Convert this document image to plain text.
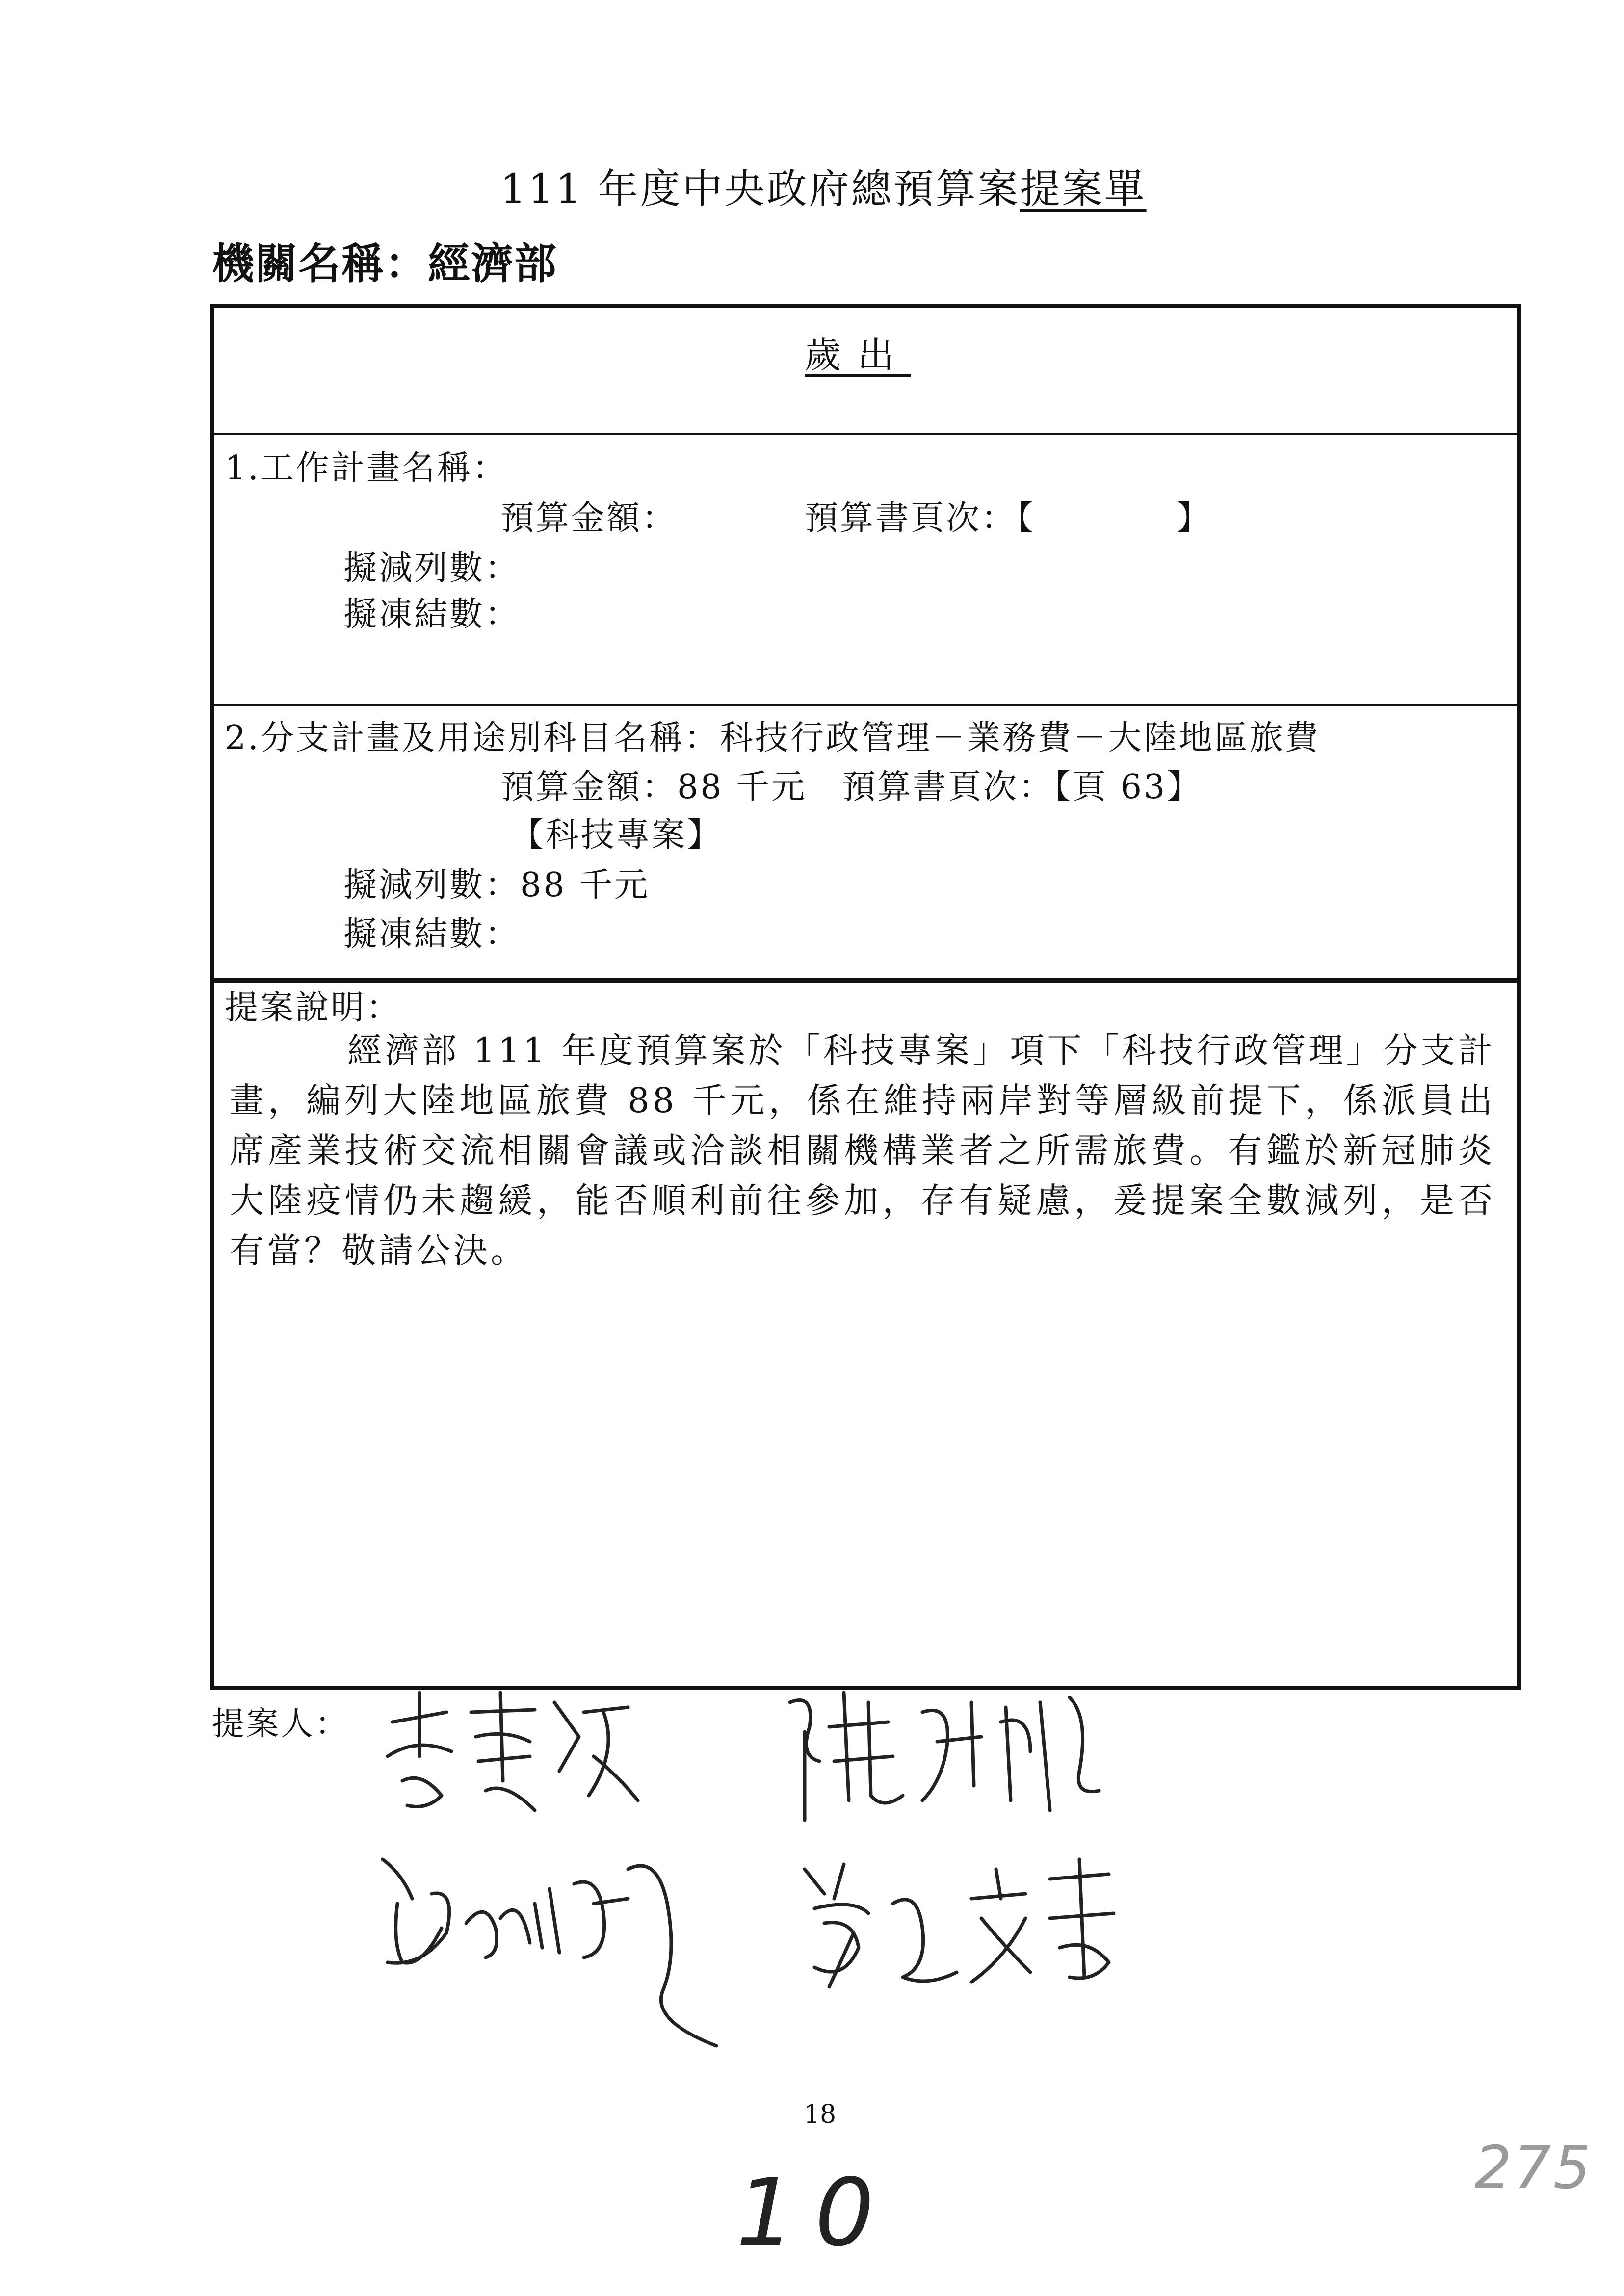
111 年度中央政府總預算案提案單
機關名稱：經濟部
歲出
1.工作計畫名稱：
預算金額：	預算書頁次：【　　　　】
擬減列數：
擬凍結數：
2.分支計畫及用途別科目名稱：科技行政管理－業務費－大陸地區旅費
預算金額：88 千元　預算書頁次：【頁 63】
【科技專案】
擬減列數：88 千元
擬凍結數：
提案說明：
經濟部 111 年度預算案於「科技專案」項下「科技行政管理」分支計畫，編列大陸地區旅費 88 千元，係在維持兩岸對等層級前提下，係派員出席產業技術交流相關會議或洽談相關機構業者之所需旅費。有鑑於新冠肺炎大陸疫情仍未趨緩，能否順利前往參加，存有疑慮，爰提案全數減列，是否有當？敬請公決。
提案人：
18
10	275
